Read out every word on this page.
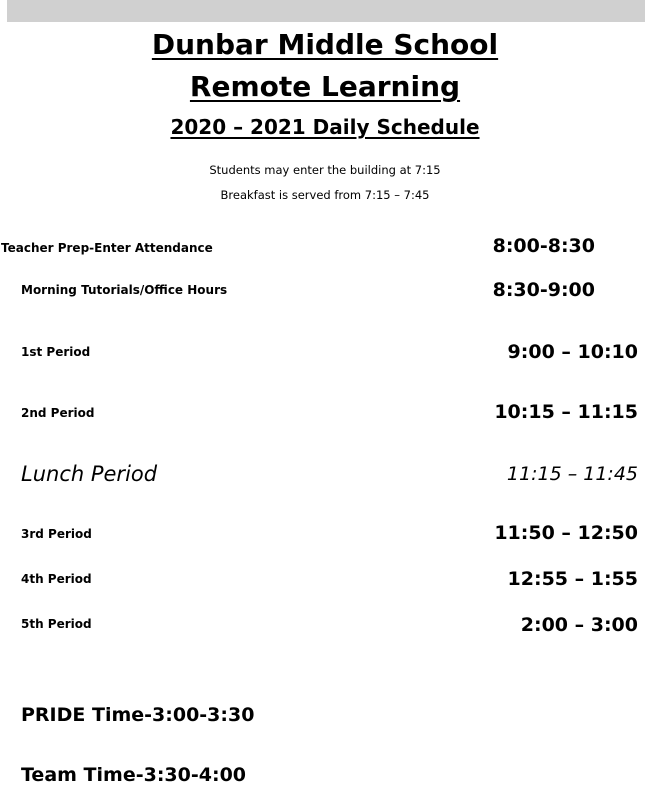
Dunbar Middle School
Remote Learning
2020 – 2021 Daily Schedule
Students may enter the building at 7:15
Breakfast is served from 7:15 – 7:45
Teacher Prep-Enter Attendance	8:00-8:30
Morning Tutorials/Office Hours	8:30-9:00
1st Period	9:00 – 10:10
2nd Period	10:15 – 11:15
Lunch Period	11:15 – 11:45
3rd Period	11:50 – 12:50
4th Period	12:55 – 1:55
5th Period	2:00 – 3:00
PRIDE Time-3:00-3:30
Team Time-3:30-4:00
